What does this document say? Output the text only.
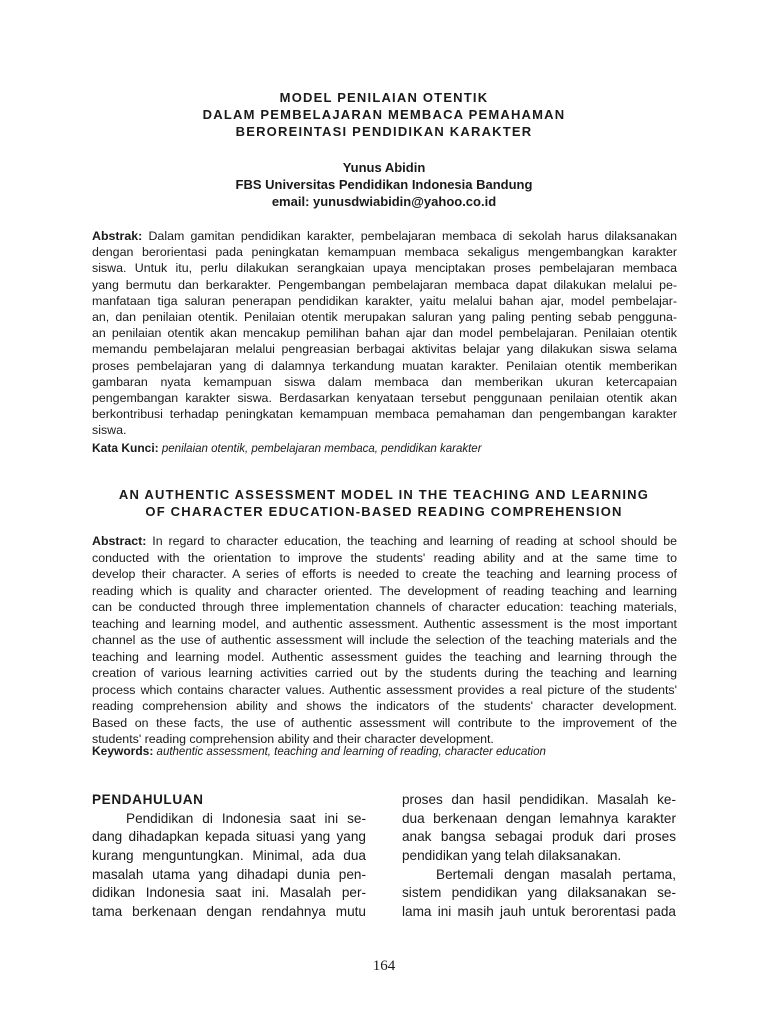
MODEL PENILAIAN OTENTIK
DALAM PEMBELAJARAN MEMBACA PEMAHAMAN
BEROREINTASI PENDIDIKAN KARAKTER
Yunus Abidin
FBS Universitas Pendidikan Indonesia Bandung
email: yunusdwiabidin@yahoo.co.id
Abstrak: Dalam gamitan pendidikan karakter, pembelajaran membaca di sekolah harus dilaksanakan
dengan berorientasi pada peningkatan kemampuan membaca sekaligus mengembangkan karakter
siswa. Untuk itu, perlu dilakukan serangkaian upaya menciptakan proses pembelajaran membaca
yang bermutu dan berkarakter. Pengembangan pembelajaran membaca dapat dilakukan melalui pe-
manfataan tiga saluran penerapan pendidikan karakter, yaitu melalui bahan ajar, model pembelajar-
an, dan penilaian otentik. Penilaian otentik merupakan saluran yang paling penting sebab pengguna-
an penilaian otentik akan mencakup pemilihan bahan ajar dan model pembelajaran. Penilaian otentik
memandu pembelajaran melalui pengreasian berbagai aktivitas belajar yang dilakukan siswa selama
proses pembelajaran yang di dalamnya terkandung muatan karakter. Penilaian otentik memberikan
gambaran nyata kemampuan siswa dalam membaca dan memberikan ukuran ketercapaian
pengembangan karakter siswa. Berdasarkan kenyataan tersebut penggunaan penilaian otentik akan
berkontribusi terhadap peningkatan kemampuan membaca pemahaman dan pengembangan karakter
siswa.
Kata Kunci: penilaian otentik, pembelajaran membaca, pendidikan karakter
AN AUTHENTIC ASSESSMENT MODEL IN THE TEACHING AND LEARNING
OF CHARACTER EDUCATION-BASED READING COMPREHENSION
Abstract: In regard to character education, the teaching and learning of reading at school should be
conducted with the orientation to improve the students' reading ability and at the same time to
develop their character. A series of efforts is needed to create the teaching and learning process of
reading which is quality and character oriented. The development of reading teaching and learning
can be conducted through three implementation channels of character education: teaching materials,
teaching and learning model, and authentic assessment. Authentic assessment is the most important
channel as the use of authentic assessment will include the selection of the teaching materials and the
teaching and learning model. Authentic assessment guides the teaching and learning through the
creation of various learning activities carried out by the students during the teaching and learning
process which contains character values. Authentic assessment provides a real picture of the students'
reading comprehension ability and shows the indicators of the students' character development.
Based on these facts, the use of authentic assessment will contribute to the improvement of the
students' reading comprehension ability and their character development.
Keywords: authentic assessment, teaching and learning of reading, character education
PENDAHULUAN
Pendidikan di Indonesia saat ini se-
dang dihadapkan kepada situasi yang yang
kurang menguntungkan. Minimal, ada dua
masalah utama yang dihadapi dunia pen-
didikan Indonesia saat ini. Masalah per-
tama berkenaan dengan rendahnya mutu
proses dan hasil pendidikan. Masalah ke-
dua berkenaan dengan lemahnya karakter
anak bangsa sebagai produk dari proses
pendidikan yang telah dilaksanakan.
Bertemali dengan masalah pertama,
sistem pendidikan yang dilaksanakan se-
lama ini masih jauh untuk berorentasi pada
164
